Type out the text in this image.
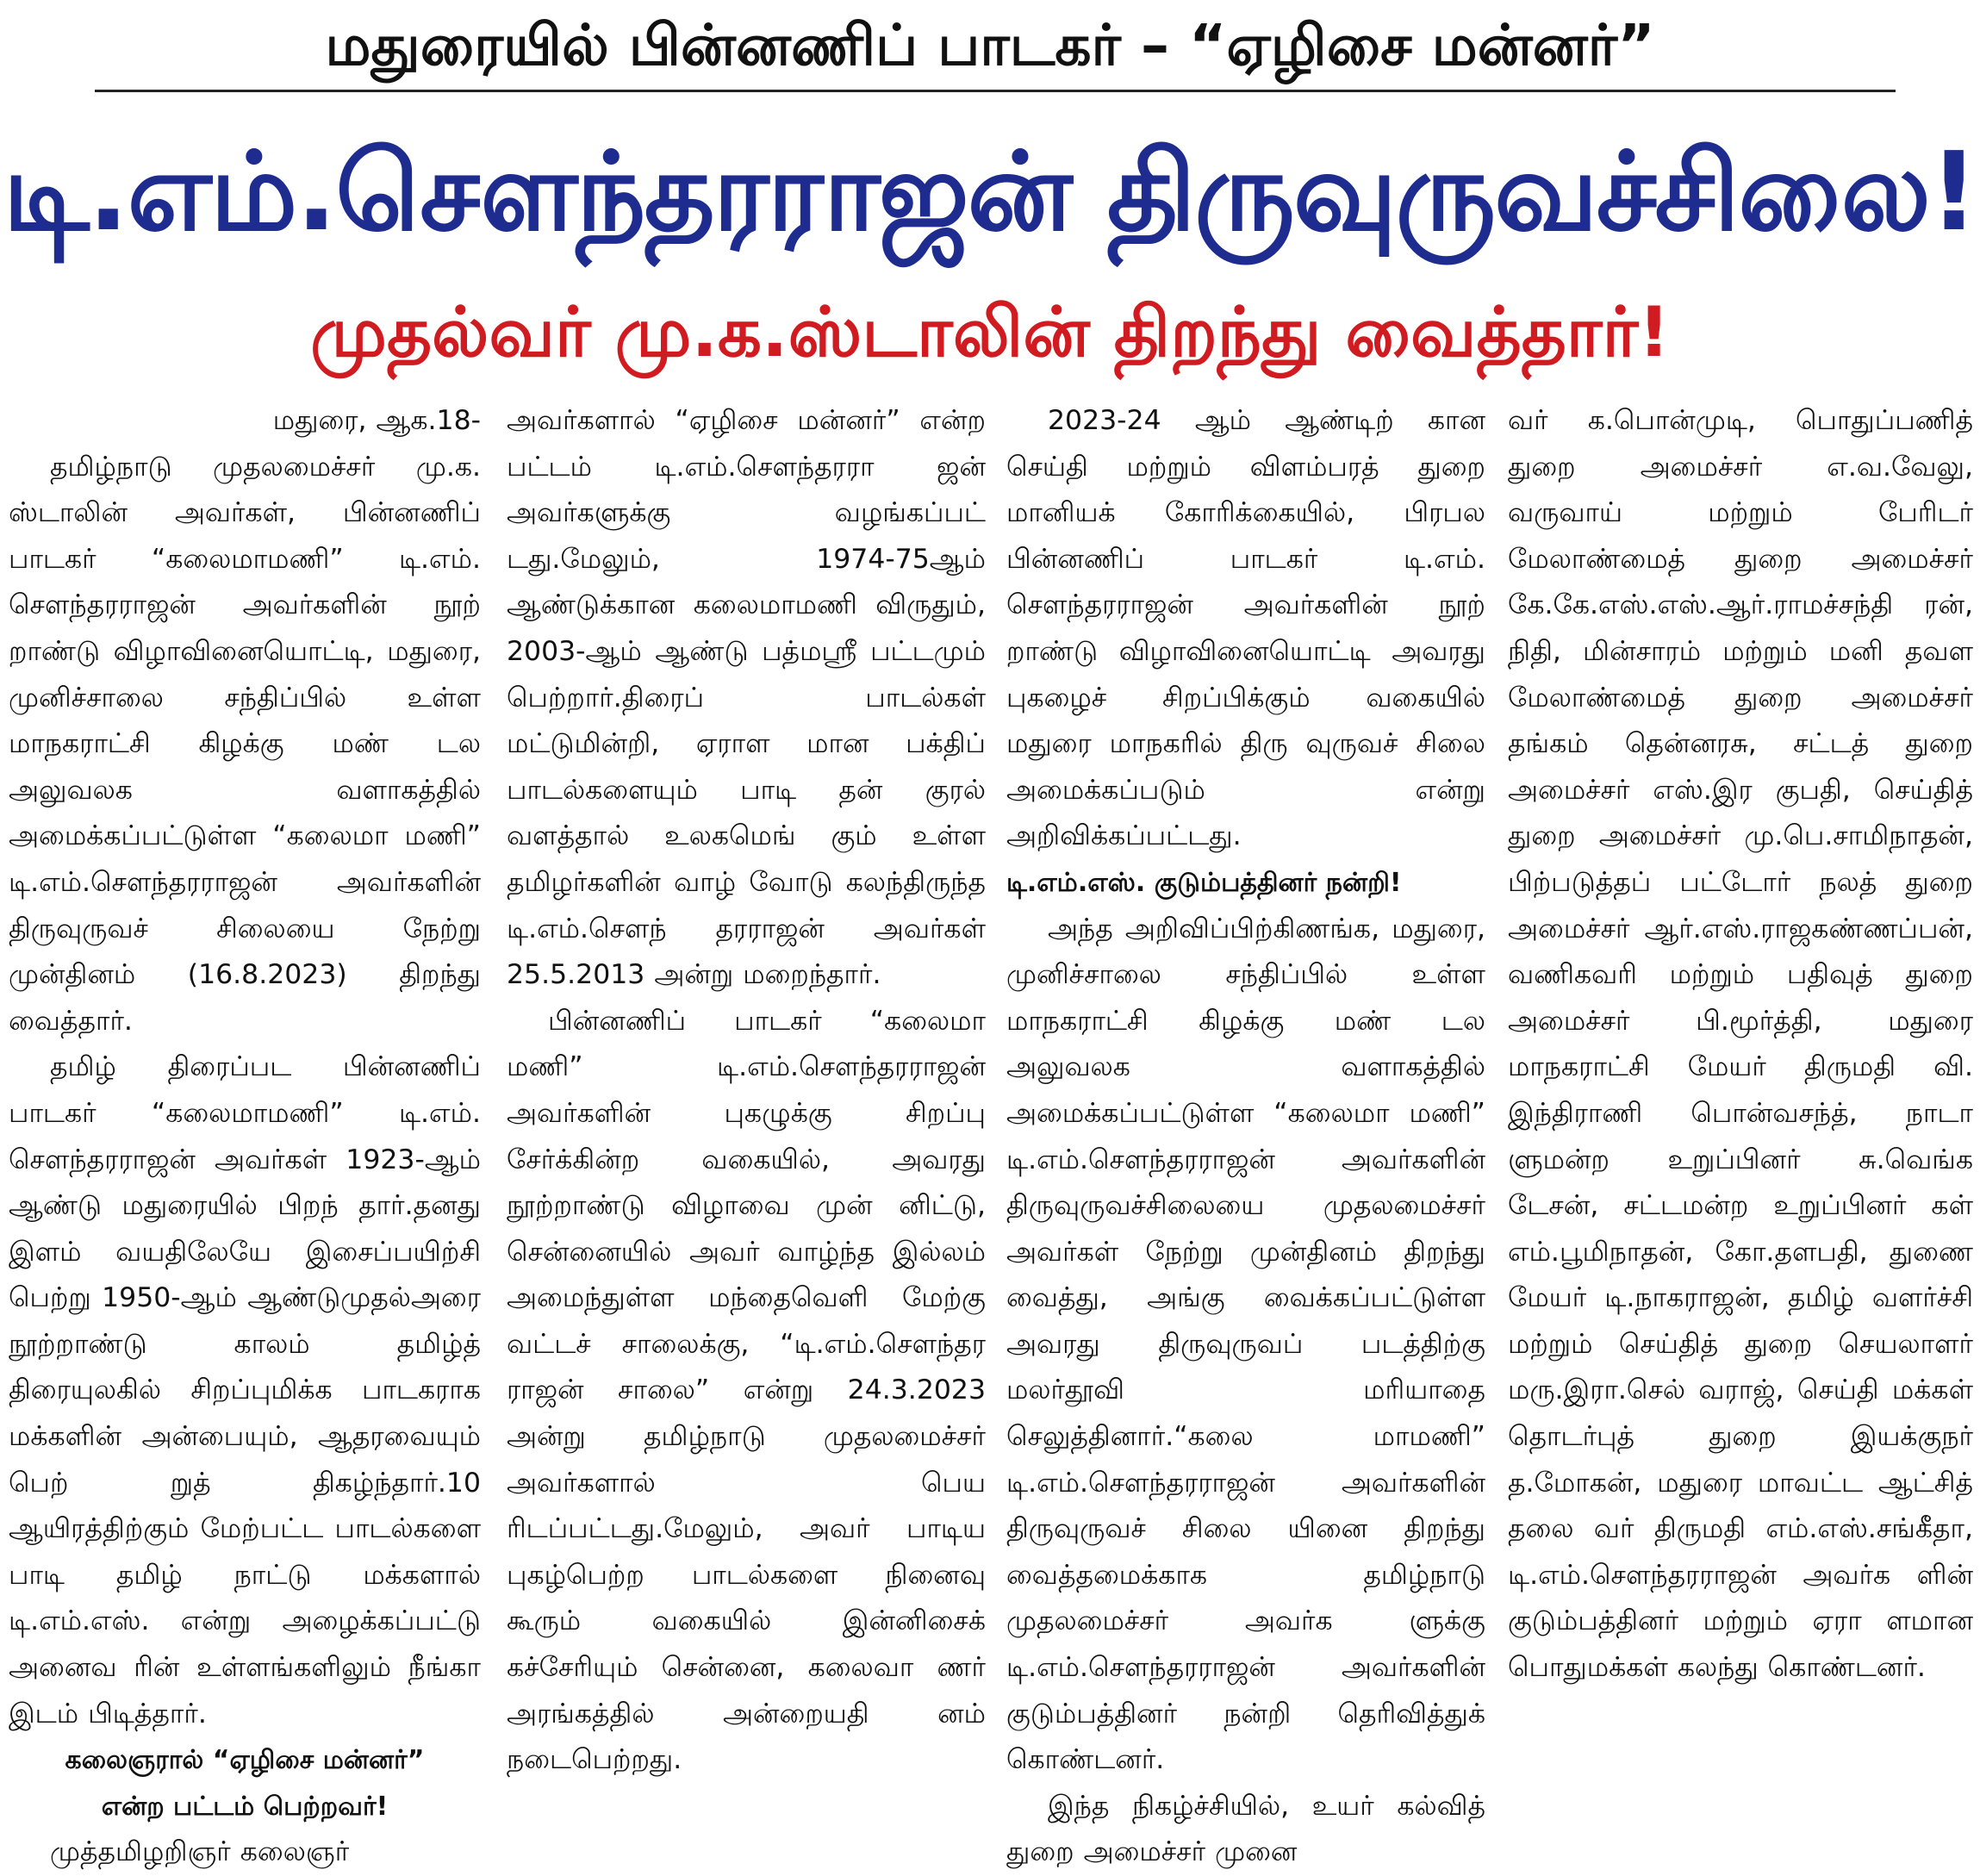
மதுரையில் பின்னணிப் பாடகர் – “ஏழிசை மன்னர்”
டி.எம்.சௌந்தரராஜன் திருவுருவச்சிலை!
முதல்வர் மு.க.ஸ்டாலின் திறந்து வைத்தார்!

மதுரை, ஆக.18-

தமிழ்நாடு முதலமைச்சர் மு.க. ஸ்டாலின் அவர்கள், பின்னணிப் பாடகர் “கலைமாமணி” டி.எம். சௌந்தரராஜன் அவர்களின் நூற் றாண்டு விழாவினையொட்டி, மதுரை, முனிச்சாலை சந்திப்பில் உள்ள மாநகராட்சி கிழக்கு மண் டல அலுவலக வளாகத்தில் அமைக்கப்பட்டுள்ள “கலைமா மணி” டி.எம்.சௌந்தரராஜன் அவர்களின் திருவுருவச் சிலையை நேற்று முன்தினம் (16.8.2023) திறந்து வைத்தார்.

தமிழ் திரைப்பட பின்னணிப் பாடகர் “கலைமாமணி” டி.எம். சௌந்தரராஜன் அவர்கள் 1923-ஆம் ஆண்டு மதுரையில் பிறந் தார்.தனது இளம் வயதிலேயே இசைப்பயிற்சி பெற்று 1950-ஆம் ஆண்டுமுதல்அரை நூற்றாண்டு காலம் தமிழ்த் திரையுலகில் சிறப்புமிக்க பாடகராக மக்களின் அன்பையும், ஆதரவையும் பெற் றுத் திகழ்ந்தார்.10 ஆயிரத்திற்கும் மேற்பட்ட பாடல்களை பாடி தமிழ் நாட்டு மக்களால் டி.எம்.எஸ். என்று அழைக்கப்பட்டு அனைவ ரின் உள்ளங்களிலும் நீங்கா இடம் பிடித்தார்.

கலைஞரால் “ஏழிசை மன்னர்”
என்ற பட்டம் பெற்றவர்!

முத்தமிழறிஞர் கலைஞர்

அவர்களால் “ஏழிசை மன்னர்” என்ற பட்டம் டி.எம்.சௌந்தரரா ஜன் அவர்களுக்கு வழங்கப்பட் டது.மேலும், 1974-75ஆம் ஆண்டுக்கான கலைமாமணி விருதும், 2003-ஆம் ஆண்டு பத்மஸ்ரீ பட்டமும் பெற்றார்.திரைப் பாடல்கள் மட்டுமின்றி, ஏராள மான பக்திப் பாடல்களையும் பாடி தன் குரல் வளத்தால் உலகமெங் கும் உள்ள தமிழர்களின் வாழ் வோடு கலந்திருந்த டி.எம்.சௌந் தரராஜன் அவர்கள் 25.5.2013 அன்று மறைந்தார்.

பின்னணிப் பாடகர் “கலைமா மணி” டி.எம்.சௌந்தரராஜன் அவர்களின் புகழுக்கு சிறப்பு சேர்க்கின்ற வகையில், அவரது நூற்றாண்டு விழாவை முன் னிட்டு, சென்னையில் அவர் வாழ்ந்த இல்லம் அமைந்துள்ள மந்தைவெளி மேற்கு வட்டச் சாலைக்கு, “டி.எம்.சௌந்தர ராஜன் சாலை” என்று 24.3.2023 அன்று தமிழ்நாடு முதலமைச்சர் அவர்களால் பெய ரிடப்பட்டது.மேலும், அவர் பாடிய புகழ்பெற்ற பாடல்களை நினைவு கூரும் வகையில் இன்னிசைக் கச்சேரியும் சென்னை, கலைவா ணர் அரங்கத்தில் அன்றையதி னம் நடைபெற்றது.

2023-24 ஆம் ஆண்டிற் கான செய்தி மற்றும் விளம்பரத் துறை மானியக் கோரிக்கையில், பிரபல பின்னணிப் பாடகர் டி.எம். சௌந்தரராஜன் அவர்களின் நூற் றாண்டு விழாவினையொட்டி அவரது புகழைச் சிறப்பிக்கும் வகையில் மதுரை மாநகரில் திரு வுருவச் சிலை அமைக்கப்படும் என்று அறிவிக்கப்பட்டது.

டி.எம்.எஸ். குடும்பத்தினர் நன்றி!

அந்த அறிவிப்பிற்கிணங்க, மதுரை, முனிச்சாலை சந்திப்பில் உள்ள மாநகராட்சி கிழக்கு மண் டல அலுவலக வளாகத்தில் அமைக்கப்பட்டுள்ள “கலைமா மணி” டி.எம்.சௌந்தரராஜன் அவர்களின் திருவுருவச்சிலையை முதலமைச்சர் அவர்கள் நேற்று முன்தினம் திறந்து வைத்து, அங்கு வைக்கப்பட்டுள்ள அவரது திருவுருவப் படத்திற்கு மலர்தூவி மரியாதை செலுத்தினார்.“கலை மாமணி” டி.எம்.சௌந்தரராஜன் அவர்களின் திருவுருவச் சிலை யினை திறந்து வைத்தமைக்காக தமிழ்நாடு முதலமைச்சர் அவர்க ளுக்கு டி.எம்.சௌந்தரராஜன் அவர்களின் குடும்பத்தினர் நன்றி தெரிவித்துக் கொண்டனர்.

இந்த நிகழ்ச்சியில், உயர் கல்வித் துறை அமைச்சர் முனை

வர் க.பொன்முடி, பொதுப்பணித் துறை அமைச்சர் எ.வ.வேலு, வருவாய் மற்றும் பேரிடர் மேலாண்மைத் துறை அமைச்சர் கே.கே.எஸ்.எஸ்.ஆர்.ராமச்சந்தி ரன், நிதி, மின்சாரம் மற்றும் மனி தவள மேலாண்மைத் துறை அமைச்சர் தங்கம் தென்னரசு, சட்டத் துறை அமைச்சர் எஸ்.இர குபதி, செய்தித் துறை அமைச்சர் மு.பெ.சாமிநாதன், பிற்படுத்தப் பட்டோர் நலத் துறை அமைச்சர் ஆர்.எஸ்.ராஜகண்ணப்பன், வணிகவரி மற்றும் பதிவுத் துறை அமைச்சர் பி.மூர்த்தி, மதுரை மாநகராட்சி மேயர் திருமதி வி. இந்திராணி பொன்வசந்த், நாடா ளுமன்ற உறுப்பினர் சு.வெங்க டேசன், சட்டமன்ற உறுப்பினர் கள் எம்.பூமிநாதன், கோ.தளபதி, துணை மேயர் டி.நாகராஜன், தமிழ் வளர்ச்சி மற்றும் செய்தித் துறை செயலாளர் மரு.இரா.செல் வராஜ், செய்தி மக்கள் தொடர்புத் துறை இயக்குநர் த.மோகன், மதுரை மாவட்ட ஆட்சித் தலை வர் திருமதி எம்.எஸ்.சங்கீதா, டி.எம்.சௌந்தரராஜன் அவர்க ளின் குடும்பத்தினர் மற்றும் ஏரா ளமான பொதுமக்கள் கலந்து கொண்டனர்.
